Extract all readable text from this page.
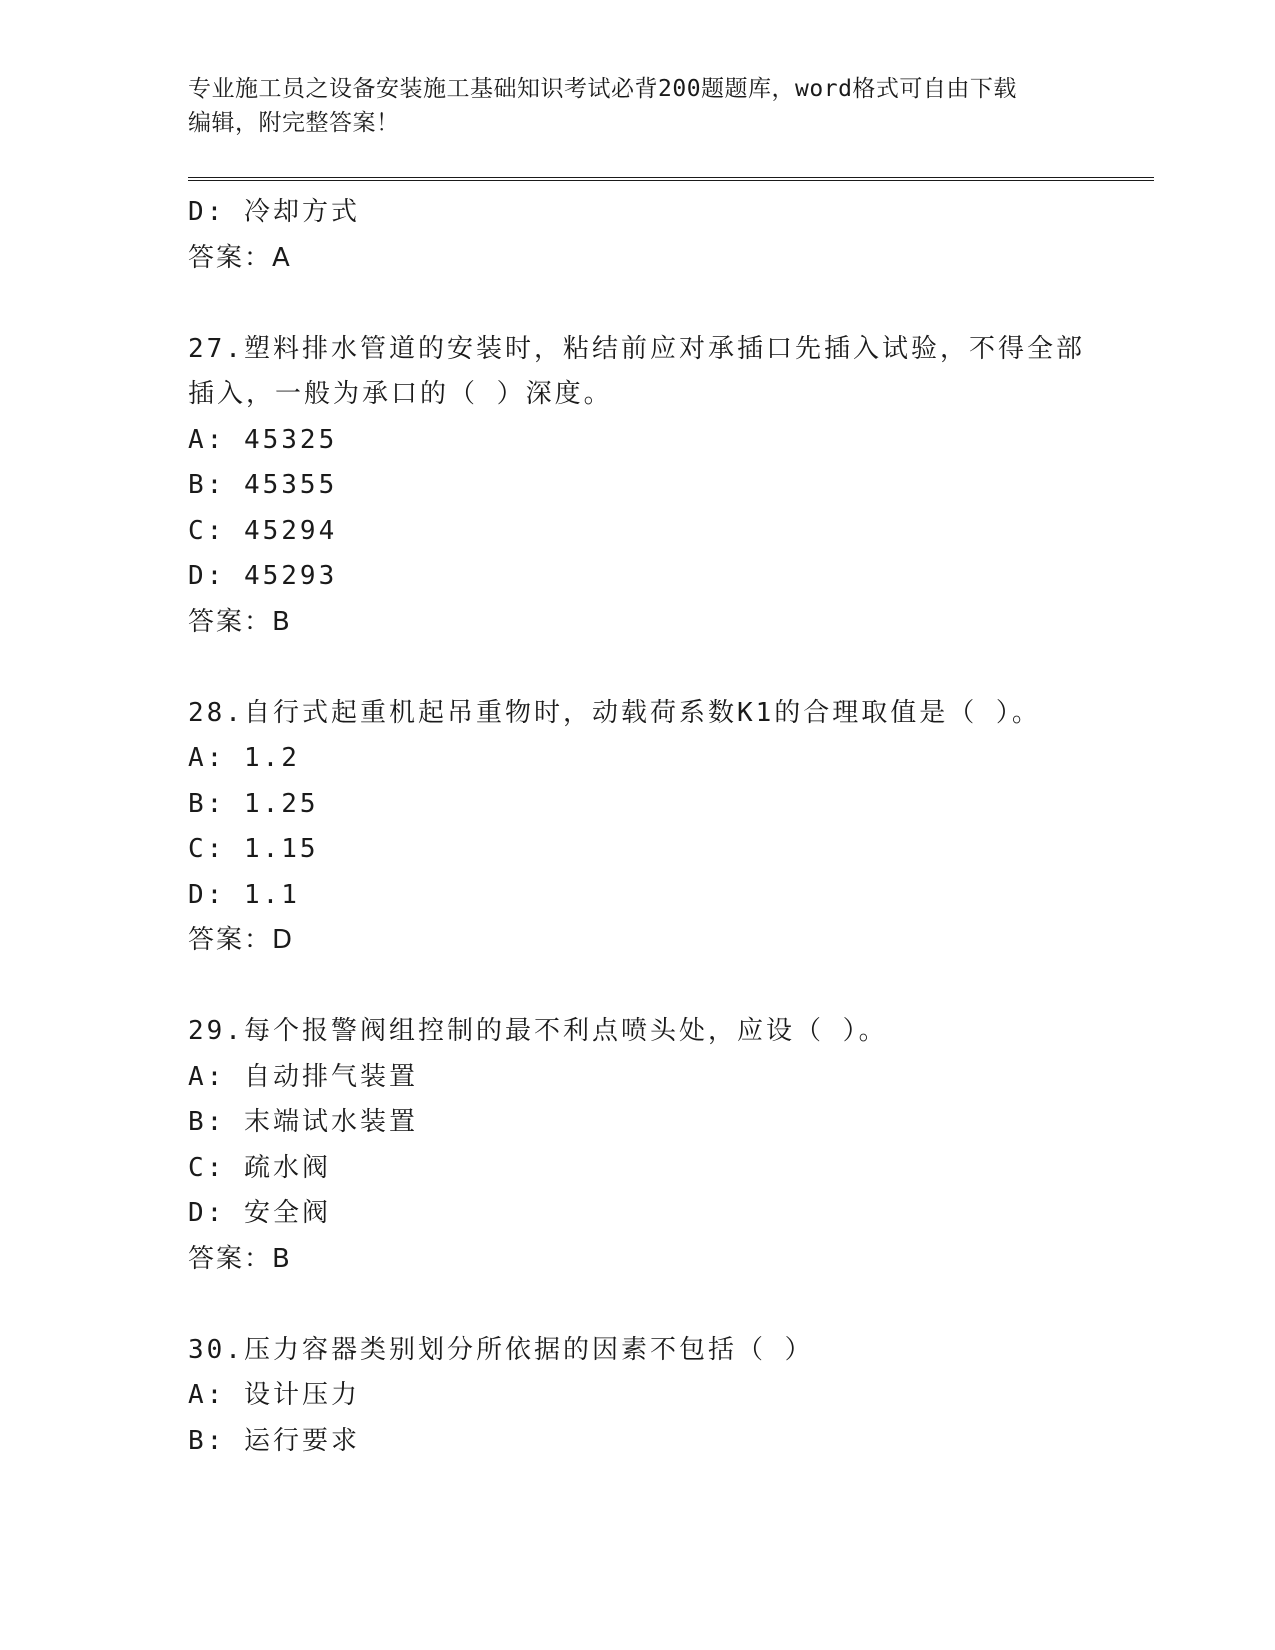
专业施工员之设备安装施工基础知识考试必背200题题库，word格式可自由下载
编辑，附完整答案！
D: 冷却方式
答案：A
27.塑料排水管道的安装时，粘结前应对承插口先插入试验，不得全部
插入，一般为承口的（ ）深度。
A: 45325
B: 45355
C: 45294
D: 45293
答案：B
28.自行式起重机起吊重物时，动载荷系数K1的合理取值是（ ）。
A: 1.2
B: 1.25
C: 1.15
D: 1.1
答案：D
29.每个报警阀组控制的最不利点喷头处，应设（ ）。
A: 自动排气装置
B: 末端试水装置
C: 疏水阀
D: 安全阀
答案：B
30.压力容器类别划分所依据的因素不包括（ ）
A: 设计压力
B: 运行要求
